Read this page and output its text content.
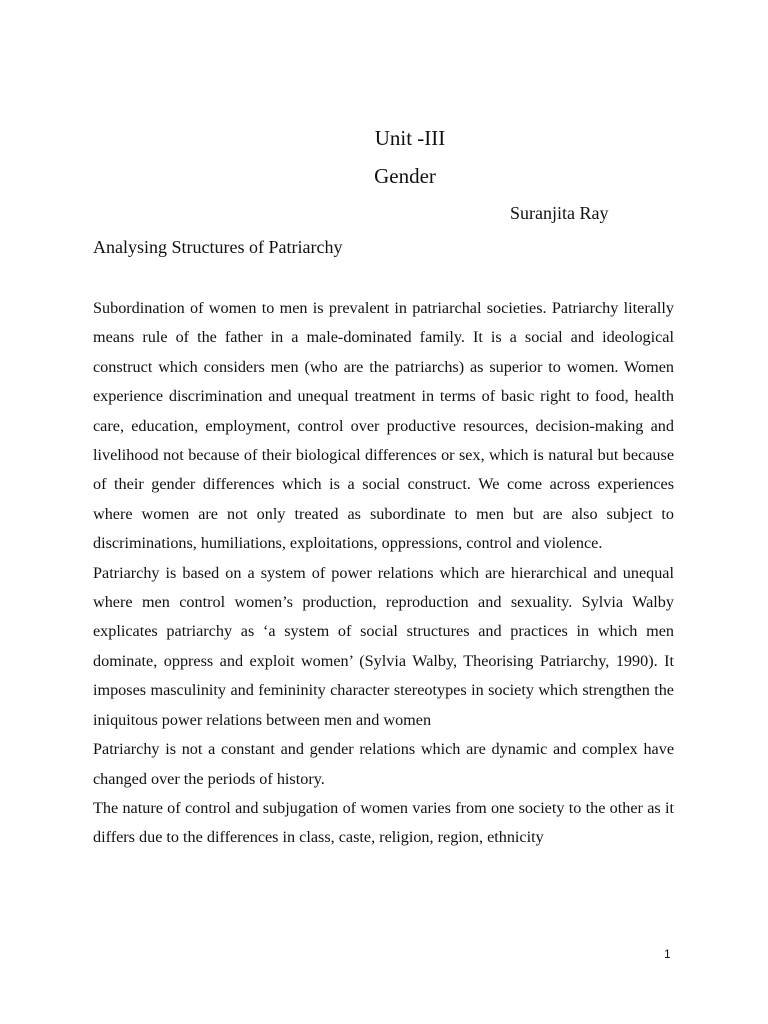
Unit -III
Gender
Suranjita Ray
Analysing Structures of Patriarchy

Subordination of women to men is prevalent in patriarchal societies. Patriarchy literally means rule of the father in a male-dominated family. It is a social and ideological construct which considers men (who are the patriarchs) as superior to women. Women experience discrimination and unequal treatment in terms of basic right to food, health care, education, employment, control over productive resources, decision-making and livelihood not because of their biological differences or sex, which is natural but because of their gender differences which is a social construct. We come across experiences where women are not only treated as subordinate to men but are also subject to discriminations, humiliations, exploitations, oppressions, control and violence.

Patriarchy is based on a system of power relations which are hierarchical and unequal where men control women’s production, reproduction and sexuality. Sylvia Walby explicates patriarchy as ‘a system of social structures and practices in which men dominate, oppress and exploit women’ (Sylvia Walby, Theorising Patriarchy, 1990). It imposes masculinity and femininity character stereotypes in society which strengthen the iniquitous power relations between men and women

Patriarchy is not a constant and gender relations which are dynamic and complex have changed over the periods of history.

The nature of control and subjugation of women varies from one society to the other as it differs due to the differences in class, caste, religion, region, ethnicity

1
